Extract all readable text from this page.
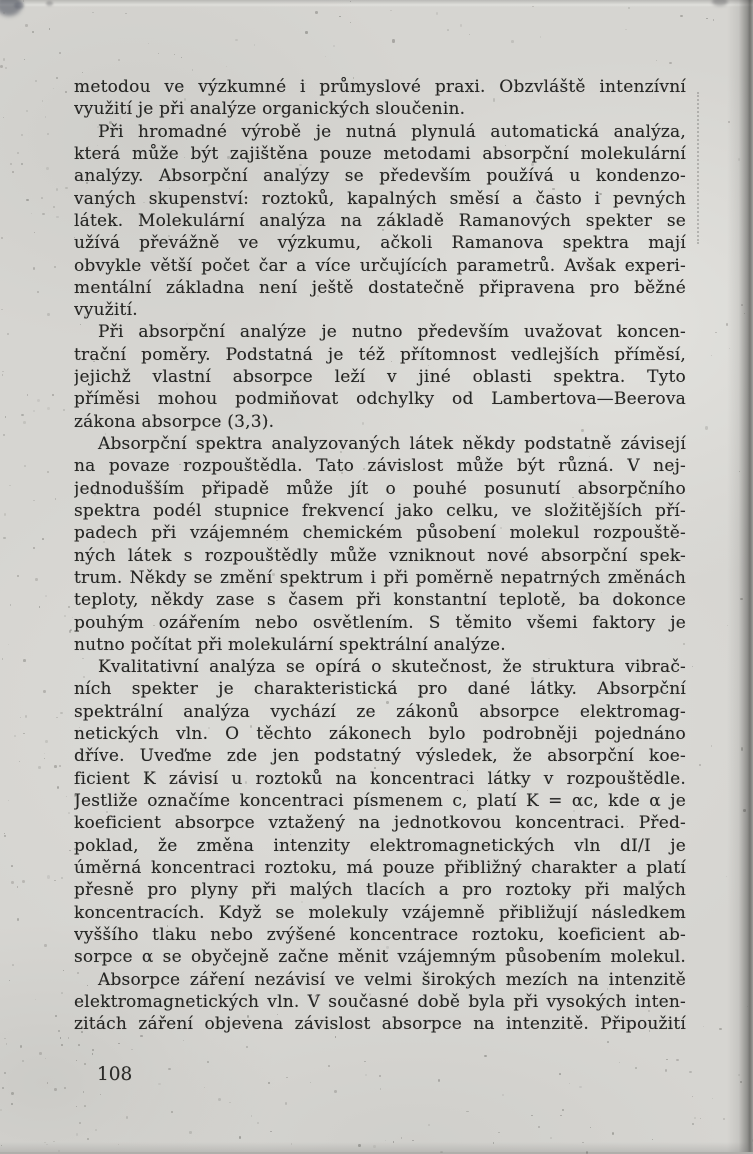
metodou ve výzkumné i průmyslové praxi. Obzvláště intenzívní
využití je při analýze organických sloučenin.
Při hromadné výrobě je nutná plynulá automatická analýza,
která může být zajištěna pouze metodami absorpční molekulární
analýzy. Absorpční analýzy se především používá u kondenzo-
vaných skupenství: roztoků, kapalných směsí a často i pevných
látek. Molekulární analýza na základě Ramanových spekter se
užívá převážně ve výzkumu, ačkoli Ramanova spektra mají
obvykle větší počet čar a více určujících parametrů. Avšak experi-
mentální základna není ještě dostatečně připravena pro běžné
využití.
Při absorpční analýze je nutno především uvažovat koncen-
trační poměry. Podstatná je též přítomnost vedlejších příměsí,
jejichž vlastní absorpce leží v jiné oblasti spektra. Tyto
příměsi mohou podmiňovat odchylky od Lambertova—Beerova
zákona absorpce (3,3).
Absorpční spektra analyzovaných látek někdy podstatně závisejí
na povaze rozpouštědla. Tato závislost může být různá. V nej-
jednodušším připadě může jít o pouhé posunutí absorpčního
spektra podél stupnice frekvencí jako celku, ve složitějších pří-
padech při vzájemném chemickém působení molekul rozpouště-
ných látek s rozpouštědly může vzniknout nové absorpční spek-
trum. Někdy se změní spektrum i při poměrně nepatrných změnách
teploty, někdy zase s časem při konstantní teplotě, ba dokonce
pouhým ozářením nebo osvětlením. S těmito všemi faktory je
nutno počítat při molekulární spektrální analýze.
Kvalitativní analýza se opírá o skutečnost, že struktura vibrač-
ních spekter je charakteristická pro dané látky. Absorpční
spektrální analýza vychází ze zákonů absorpce elektromag-
netických vln. O těchto zákonech bylo podrobněji pojednáno
dříve. Uveďme zde jen podstatný výsledek, že absorpční koe-
ficient K závisí u roztoků na koncentraci látky v rozpouštědle.
Jestliže označíme koncentraci písmenem c, platí K = αc, kde α je
koeficient absorpce vztažený na jednotkovou koncentraci. Před-
poklad, že změna intenzity elektromagnetických vln dI/I je
úměrná koncentraci roztoku, má pouze přibližný charakter a platí
přesně pro plyny při malých tlacích a pro roztoky při malých
koncentracích. Když se molekuly vzájemně přibližují následkem
vyššího tlaku nebo zvýšené koncentrace roztoku, koeficient ab-
sorpce α se obyčejně začne měnit vzájemným působením molekul.
Absorpce záření nezávisí ve velmi širokých mezích na intenzitě
elektromagnetických vln. V současné době byla při vysokých inten-
zitách záření objevena závislost absorpce na intenzitě. Připoužití
108
